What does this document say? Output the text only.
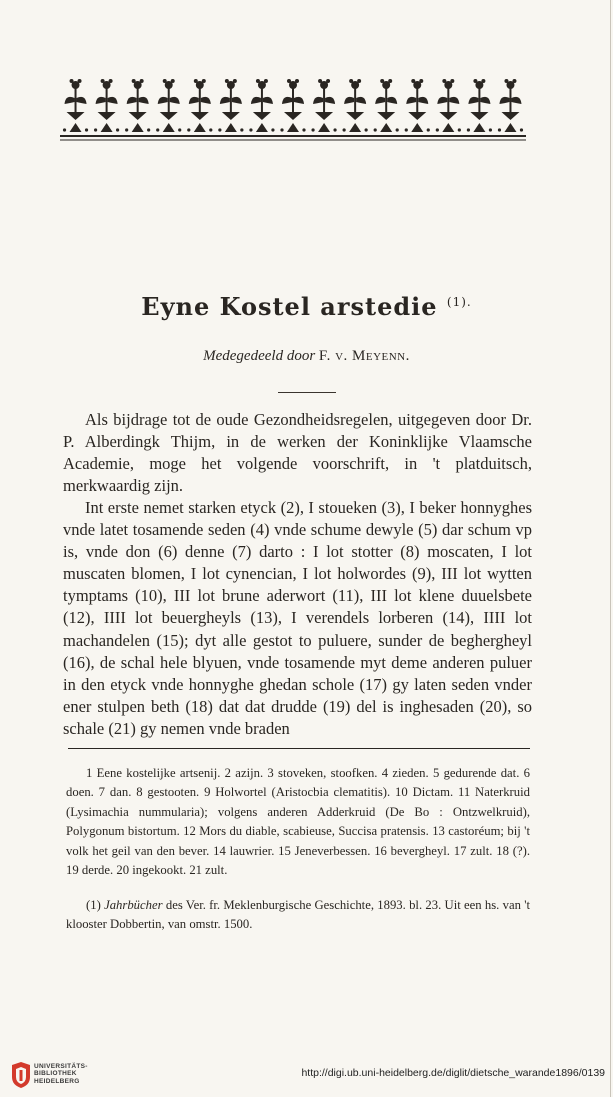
Eyne Kostel arstedie $^{(1).}$
Medegedeeld door F. v. Meyenn.

Als bijdrage tot de oude Gezondheidsregelen, uitgegeven door Dr. P. Alberdingk Thijm, in de werken der Koninklijke Vlaamsche Academie, moge het volgende voorschrift, in 't platduitsch, merkwaardig zijn.

Int erste nemet starken etyck (2), I stoueken (3), I beker honnyghes vnde latet tosamende seden (4) vnde schume dewyle (5) dar schum vp is, vnde don (6) denne (7) darto : I lot stotter (8) moscaten, I lot muscaten blomen, I lot cynencian, I lot holwordes (9), III lot wytten tymptams (10), III lot brune aderwort (11), III lot klene duuelsbete (12), IIII lot beuergheyls (13), I verendels lorberen (14), IIII lot machandelen (15); dyt alle gestot to puluere, sunder de beghergheyl (16), de schal hele blyuen, vnde tosamende myt deme anderen puluer in den etyck vnde honnyghe ghedan schole (17) gy laten seden vnder ener stulpen beth (18) dat dat drudde (19) del is inghesaden (20), so schale (21) gy nemen vnde braden

1 Eene kostelijke artsenij. 2 azijn. 3 stoveken, stoofken. 4 zieden. 5 gedurende dat. 6 doen. 7 dan. 8 gestooten. 9 Holwortel (Aristocbia clematitis). 10 Dictam. 11 Naterkruid (Lysimachia nummularia); volgens anderen Adderkruid (De Bo : Ontzwelkruid), Polygonum bistortum. 12 Mors du diable, scabieuse, Succisa pratensis. 13 castoréum; bij 't volk het geil van den bever. 14 lauwrier. 15 Jeneverbessen. 16 bevergheyl. 17 zult. 18 (?). 19 derde. 20 ingekookt. 21 zult.

(1) Jahrbücher des Ver. fr. Meklenburgische Geschichte, 1893. bl. 23. Uit een hs. van 't klooster Dobbertin, van omstr. 1500.

UNIVERSITÄTS-
BIBLIOTHEK
HEIDELBERG
http://digi.ub.uni-heidelberg.de/diglit/dietsche_warande1896/0139
